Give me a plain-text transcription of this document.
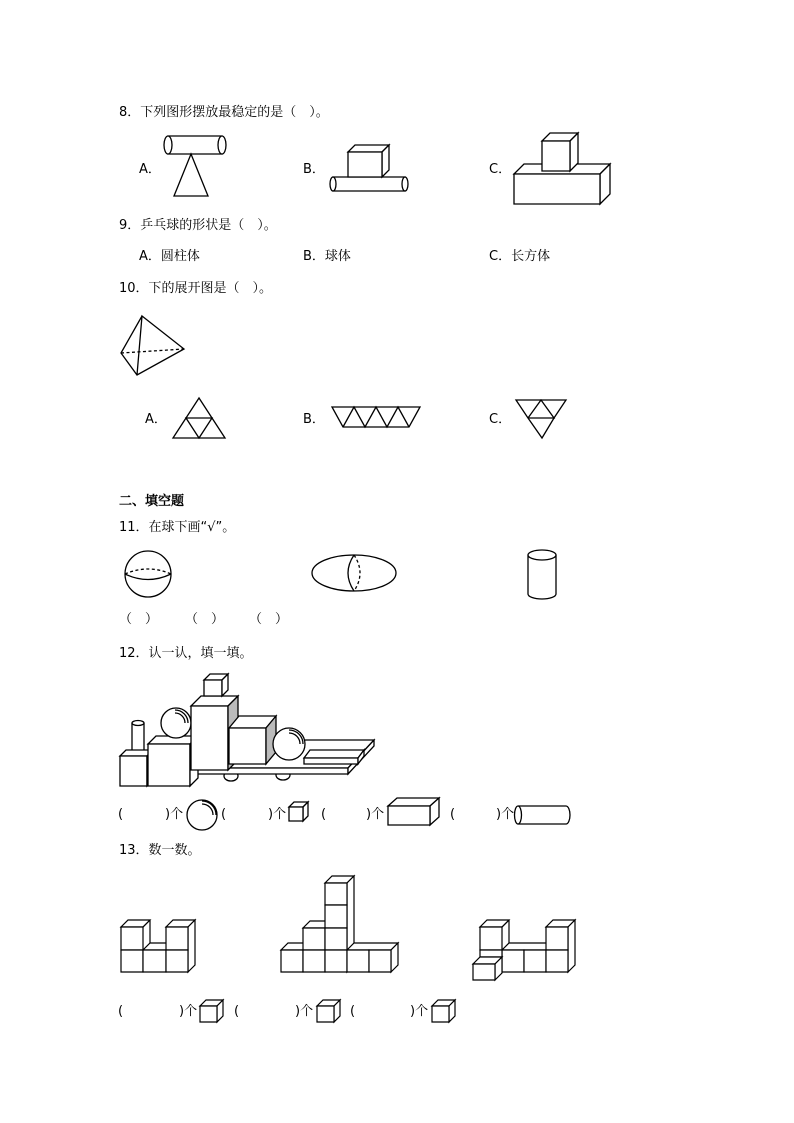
8．下列图形摆放最稳定的是（　）。
A．	B．	C．
9．乒乓球的形状是（　）。
A．圆柱体	B．球体	C．长方体
10．下的展开图是（　）。
A．	B．	C．
二、填空题
11．在球下画“√”。
（　） （　） （　）
12．认一认，填一填。
(	)个	(	)个	(	)个	(	)个
13．数一数。
(	)个	(	)个	(	)个
